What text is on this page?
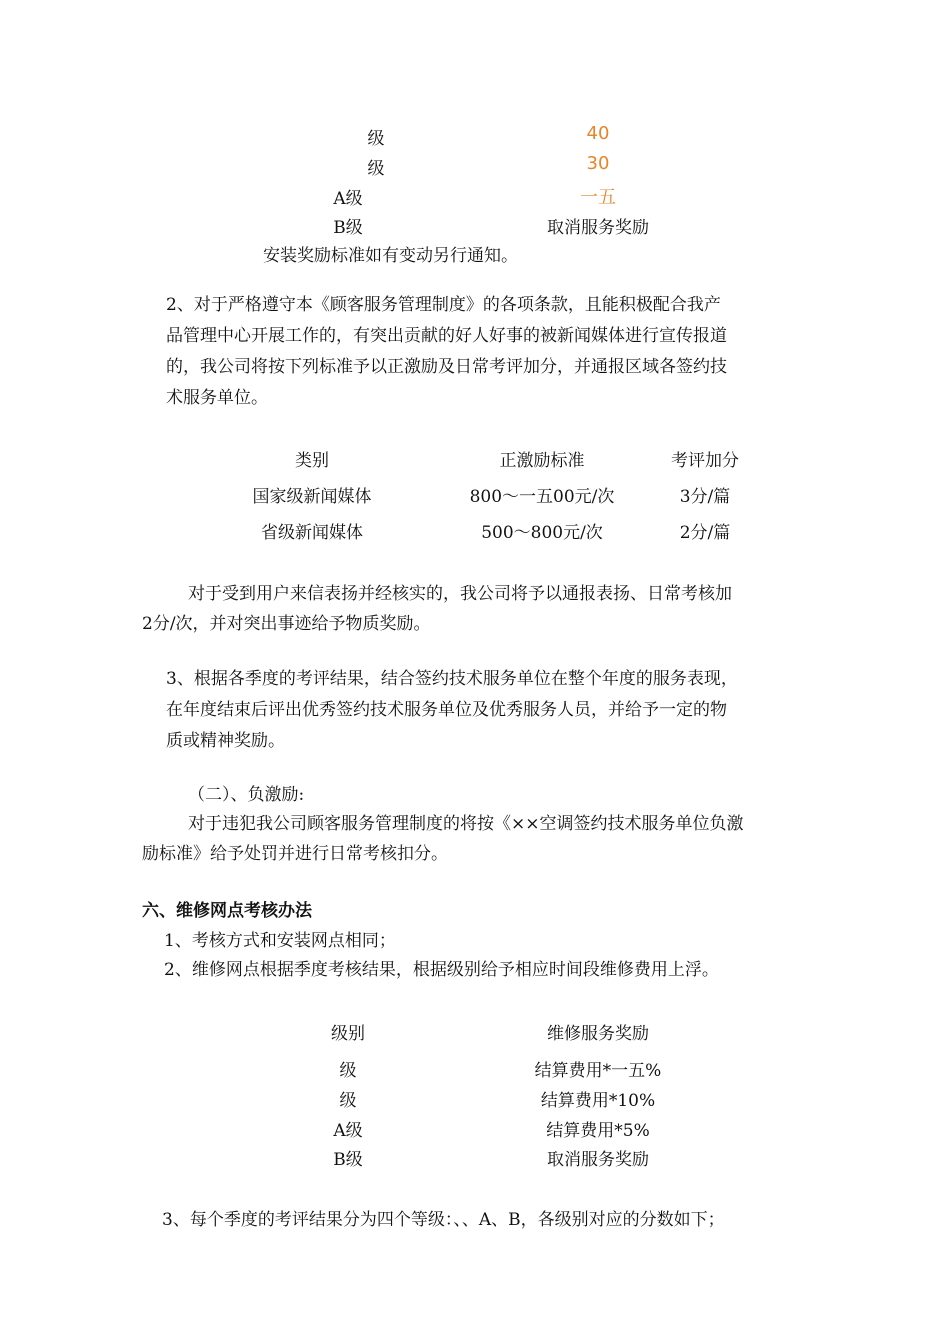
级	40
级	30
A级	一五
B级	取消服务奖励
安装奖励标准如有变动另行通知。
2、对于严格遵守本《顾客服务管理制度》的各项条款，且能积极配合我产
品管理中心开展工作的，有突出贡献的好人好事的被新闻媒体进行宣传报道
的，我公司将按下列标准予以正激励及日常考评加分，并通报区域各签约技
术服务单位。
类别	正激励标准	考评加分
国家级新闻媒体	800～一五00元/次	3分/篇
省级新闻媒体	500～800元/次	2分/篇
对于受到用户来信表扬并经核实的，我公司将予以通报表扬、日常考核加
2分/次，并对突出事迹给予物质奖励。
3、根据各季度的考评结果，结合签约技术服务单位在整个年度的服务表现，
在年度结束后评出优秀签约技术服务单位及优秀服务人员，并给予一定的物
质或精神奖励。
（二）、负激励:
对于违犯我公司顾客服务管理制度的将按《××空调签约技术服务单位负激
励标准》给予处罚并进行日常考核扣分。
六、维修网点考核办法
1、考核方式和安装网点相同；
2、维修网点根据季度考核结果，根据级别给予相应时间段维修费用上浮。
级别	维修服务奖励
级	结算费用*一五%
级	结算费用*10%
A级	结算费用*5%
B级	取消服务奖励
3、每个季度的考评结果分为四个等级：、、A、B，各级别对应的分数如下；
